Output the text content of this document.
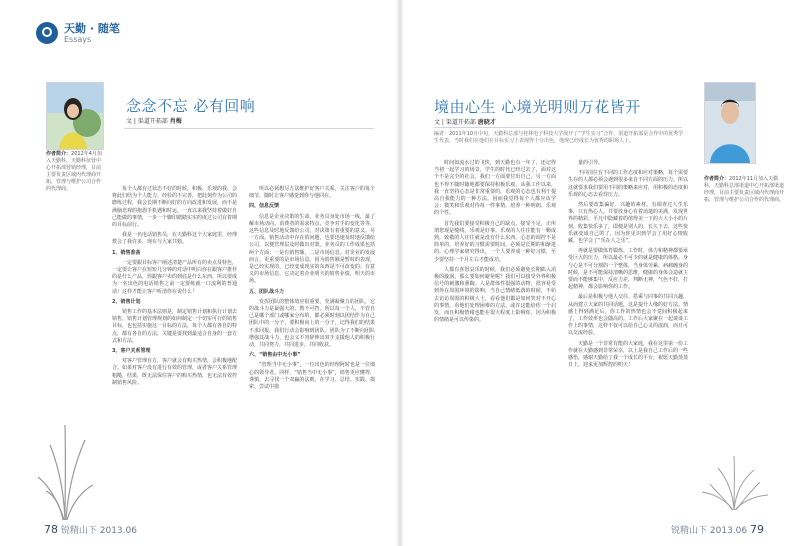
天勤 · 随笔
Essays
作者简介：2012年4月加入天勤科，天勤科征营中心开拓部营销经理，目前主要负责区域内代理商开拓，管理与维护公司合作的代理商。
念念不忘 必有回响
文 | 渠道开拓部 肖梅

每个人都有过状态不好的时候，积极、乐观的我，会将此归结为个人能力、经验的不完善，把此刻作为公司的磨练过程，我会长期不断向好的方向改进和发展，而不是满脑悲观的抱怨手机遇和时运。一直以来我坚持着做好自己能做的事情，一步一个脚印踏踏实实的度过公司有着期的目标前行。

我是一名电话销售员，在天勤科这个大家庭里，经理教会了我许多，现在与大家共勉。

1、销售准备

一定要跟目标客户阐述清楚产品所有的卖点及特色，一定要让客户在短短几分钟的对话中明白你在跟客户推荐的是什么产品，你跟客户卖的到底是什么东西，所以要成为一名出色的电话销售之前一定要练就一口流利的普通话！这样才能让客户听清你在说什么！

2、销售计划

销售工作的基本法则是，制定销售计划和执行计划去销售。销售计划管理规划的如何制定一个切实可行的销售目标，也包括实施这一目标的方法，每个人都有各自的特点，都有各自的方法，关键是要找到最适合自身的一套方式和方法。

3、客户关系管理

对客户管理有方，客户就会有购买热情，会积极地配合。如果对客户没有进行有效的管理，或者客户关系管理粗糙，结果，既无法保住客户的购买热情，也无法有效控制销售风险。

所以必须想尽方法维护好客户关系，关注客户的每个细节，随时让客户感觉到你与他同在。

四、信息反馈

信息是企业决策的生命。业务员身处市场一线，最了解市场动向。消费者的需求特点、竞争对手的变化等等，这些信息及时地反馈给公司，对决策有着重要的意义。另一方面，销售活动中存在的问题，也要迅速及时地反馈给公司，以便管理层及时做出对策。业务员的工作成果包括两个方面：一是有销售额，二是市场信息。对企业的发展而言，更重要的是市场信息。因为销售额是暂时的表现，是已经实现的，已经变成现实的东西是不可改变的；有意义的市场信息，它决定着企业明天的销售业绩，明天的市场。

五、团队战斗力

发挥团队的整体效应很重要。充满凝聚力的团队，它的战斗力是最强大的，教不可挡。所以每一个人，不管自己是哪个部门或哪家分布的，都必须时刻以团结作为自己团队中的一分子，要积极向上的一分子，记得我们的结果不求回报，我们行动会影响到团队。团队为了不断向团队增强其战斗力，也会义不容辞伸出双手支援他人的积极行动，共同努力，共同进步，共同收获。

六、“销售由中无小事”

“管理当中无小事”，一位出色的经理阿时也是一位细心的领导者。同样，“销售当中无小事”，销售更应懂得，谨慎，去寻找一个双赢的法则。在学习、总结、实践、摸索、尝试中摸

78 锐精山下 2013.06
境由心生 心境光明则万花皆开
文 | 渠道开拓部 唐晓才
编者：2011年10月中旬，天勤科总部与桂林电子科技大学展开了“学生实习”合作，渠道开拓部是合作中的优秀学生代表，当时我们在他们在目标实习上表现得十分出色，他现已经成长为优秀的职场人士。
作者简介：2012年11月加入天勤科，天勤科总部渠道中心开拓部渠道经理，目前主要负责区域内代理商开拓，管理与维护公司合作的代理商。

时间如流水过的飞快，到天勤也有一年了，还记得当初一起学习的场景，学生的时代已经过去了，面对这个不是完全的社会，我们一方面要付出自己，另一方面也不得不随时随地都要保持积极乐观。从我工作以来，我一直坚持心态是非常重要的，乐观的心态也有利于提高自我能力的一种方法。因而我觉得每个人都应该学会：微笑和乐观对待每一件事情，培养一种明朗、乐观的个性。

首先我们要接受积极自己的缺点，接受不足，正所谓您现是缝线，乐观是好事。乐观的人往往能有一颗成熟，致敬的人往往就是没有什么东西。心态的调控不是简单的，培养好的习惯需要时间，必须是长期的和渐进的。心理学家研究得出，一个人要养成一种好习惯，至少要坚持一个月左右才能成功。

人都有喜怒哀乐的时候，我们必须避免长期陷入消极的漩涡，那么要如何避免呢？我们可以接受外界积极信号的刺激和熏陶。人是群体性很强的动物，很容易受到外在周围环境的影响，当自己情绪低落的时候，不妨去访访周围的积极人士，看看他们都是如何笑对不开心的事情，看他们处理困难的方法，或许这能给你一个启发，而且积极情绪也能在很大程度上影响你，因为积极的情绪是可以传染的。

量的引导。

不同岗位有不同的工作态度和应对策略，每个需要生存的人都必须会遇到很多来自不同方面的压力。所以这就要求我们要用不同的策略来应对，用积极的态度和乐观的心态去看待压力。

然后要改集偏好、兴趣的素材。有调查过人生乐事，只有热心人。并要放身心有着消遣的美满，发现世界的精彩，平凡中隐藏着的值得美一下的大大小小的片刻，收集快乐多了，即便是别人的，长久下去，这些快乐就变成自己的了，因为你见识到学会了用好心情收藏。也学会了“乐在人之乐”。

再就是要做体育锻炼。工作时，体力和精神都要承受巨大的压力，所以最必不可少的就是健康的体格。身与心是不可分割的一个整体，当身体劳累、病痛缠身的时候，是不可能保持清晰的思维，健康的身体会造就主要而不能够集中，反应力差，判断无神，气色不好，打起精神，都会影响你的工作。

最后是积极与他人交往。搭乘与同事的共同兴趣，从而建立大家的共同话题，这是提升人缘的好方法。情感上得到满足后，你工作的热情也会不觉间积极起来了，工作效率也会随高的。工作后大家聚在一起谈谈工作上的事情，这样不仅可以给自己心灵的滋润，而且可以交流经验。

天勤是一个非常有能的大家庭，我在这里第一份工作就在天勤感到非常荣幸，以上是我自己工作后的一些感悟，感谢天勤给了我一个成长的平台，祝愿天勤蒸蒸日上，迎来更加辉煌的明天！

锐精山下 2013.06 79
